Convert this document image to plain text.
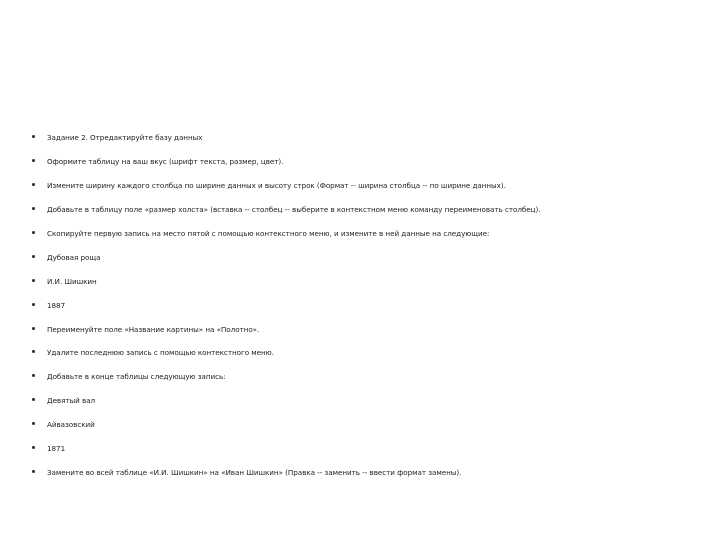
Задание 2. Отредактируйте базу данных
Оформите таблицу на ваш вкус (шрифт текста, размер, цвет).
Измените ширину каждого столбца по ширине данных и высоту строк (Формат -- ширина столбца -- по ширине данных).
Добавьте в таблицу поле «размер холста» (вставка -- столбец -- выберите в контекстном меню команду переименовать столбец).
Скопируйте первую запись на место пятой с помощью контекстного меню, и измените в ней данные на следующие:
Дубовая роща
И.И. Шишкин
1887
Переименуйте поле «Название картины» на «Полотно».
Удалите последнюю запись с помощью контекстного меню.
Добавьте в конце таблицы следующую запись:
Девятый вал
Айвазовский
1871
Замените во всей таблице «И.И. Шишкин» на «Иван Шишкин» (Правка -- заменить -- ввести формат замены).
